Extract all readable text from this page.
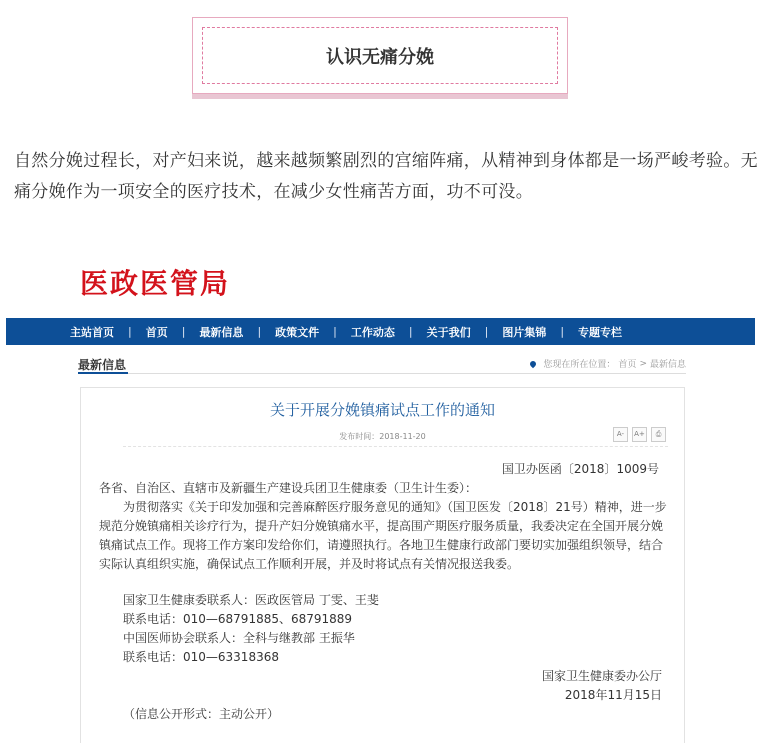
认识无痛分娩
自然分娩过程长，对产妇来说，越来越频繁剧烈的宫缩阵痛，从精神到身体都是一场严峻考验。无痛分娩作为一项安全的医疗技术，在减少女性痛苦方面，功不可没。
医政医管局
主站首页 | 首页 | 最新信息 | 政策文件 | 工作动态 | 关于我们 | 图片集锦 | 专题专栏
最新信息	您现在所在位置： 首页 > 最新信息
关于开展分娩镇痛试点工作的通知
发布时间：2018-11-20	A-	A+	⎙
国卫办医函〔2018〕1009号
各省、自治区、直辖市及新疆生产建设兵团卫生健康委（卫生计生委）：
为贯彻落实《关于印发加强和完善麻醉医疗服务意见的通知》（国卫医发〔2018〕21号）精神，进一步规范分娩镇痛相关诊疗行为，提升产妇分娩镇痛水平，提高围产期医疗服务质量，我委决定在全国开展分娩镇痛试点工作。现将工作方案印发给你们，请遵照执行。各地卫生健康行政部门要切实加强组织领导，结合实际认真组织实施，确保试点工作顺利开展，并及时将试点有关情况报送我委。
国家卫生健康委联系人：医政医管局 丁雯、王斐
联系电话：010—68791885、68791889
中国医师协会联系人：全科与继教部 王振华
联系电话：010—63318368
国家卫生健康委办公厅
2018年11月15日
（信息公开形式：主动公开）
